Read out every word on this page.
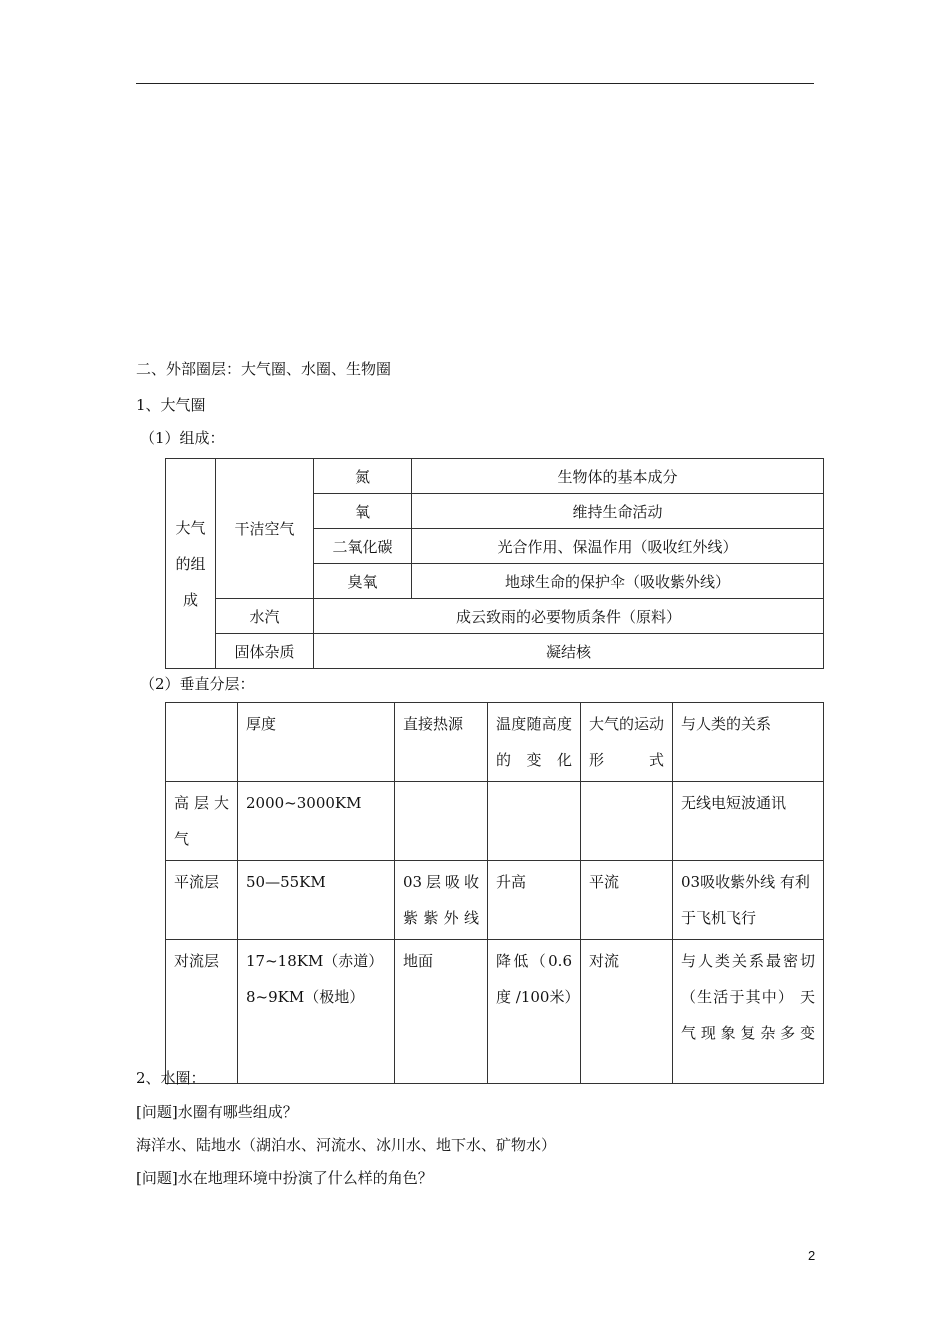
二、外部圈层：大气圈、水圈、生物圈
1、大气圈
（1）组成：
大气
的组
成	干洁空气	氮	生物体的基本成分
		氧	维持生命活动
		二氧化碳	光合作用、保温作用（吸收红外线）
		臭氧	地球生命的保护伞（吸收紫外线）
	水汽	成云致雨的必要物质条件（原料）	
	固体杂质	凝结核	
（2）垂直分层：
	厚度	直接热源	温度随高度的变化	大气的运动形式	与人类的关系
高层大气	2000~3000KM				无线电短波通讯
平流层	50—55KM	03层吸收紫紫外线	升高	平流	03吸收紫外线 有利于飞机飞行
对流层	17~18KM（赤道） 8~9KM（极地）	地面	降低（0.6度 /100米）	对流	与人类关系最密切（生活于其中） 天气现象复杂多变
2、水圈：
[问题]水圈有哪些组成？
海洋水、陆地水（湖泊水、河流水、冰川水、地下水、矿物水）
[问题]水在地理环境中扮演了什么样的角色？
2
